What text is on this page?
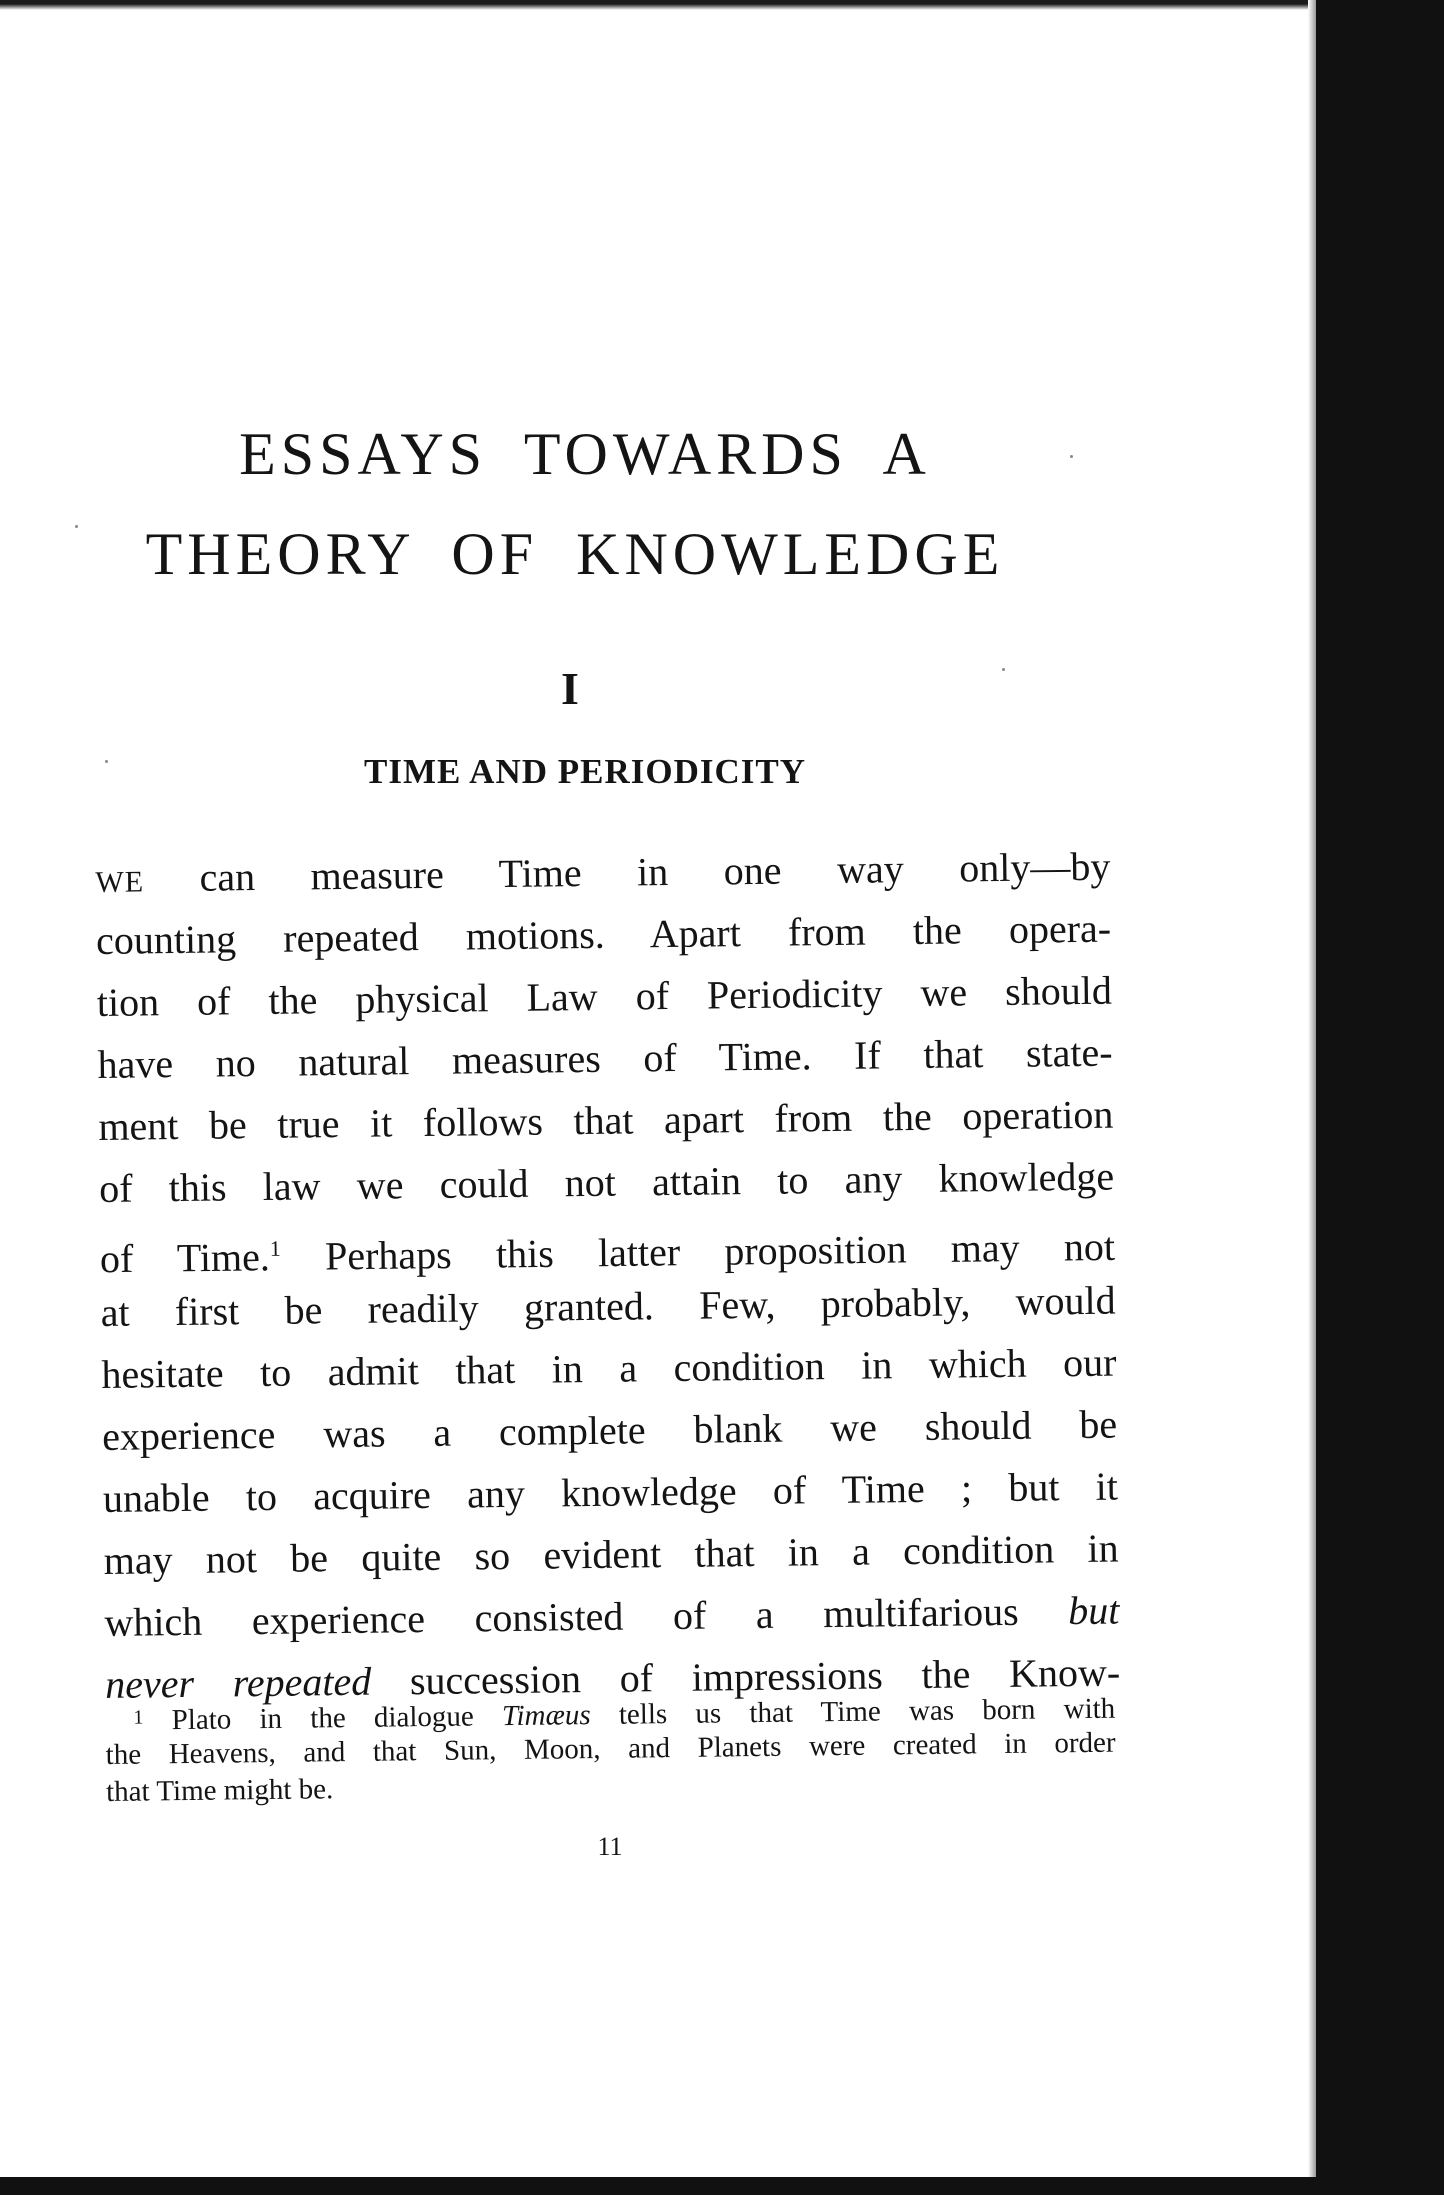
ESSAYS TOWARDS A
THEORY OF KNOWLEDGE
I
TIME AND PERIODICITY
WE can measure Time in one way only—by
counting repeated motions. Apart from the opera-
tion of the physical Law of Periodicity we should
have no natural measures of Time. If that state-
ment be true it follows that apart from the operation
of this law we could not attain to any knowledge
of Time.$^1$ Perhaps this latter proposition may not
at first be readily granted. Few, probably, would
hesitate to admit that in a condition in which our
experience was a complete blank we should be
unable to acquire any knowledge of Time ; but it
may not be quite so evident that in a condition in
which experience consisted of a multifarious but
never repeated succession of impressions the Know-
$^1$ Plato in the dialogue Timæus tells us that Time was born with
the Heavens, and that Sun, Moon, and Planets were created in order
that Time might be.

11
